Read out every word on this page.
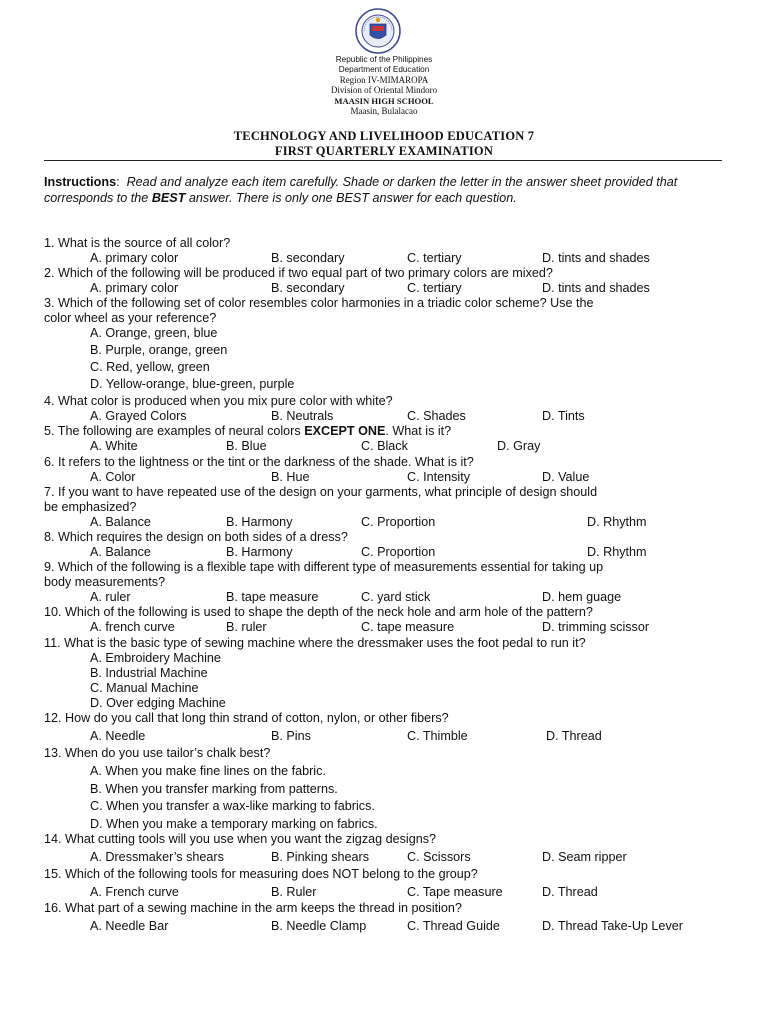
Republic of the Philippines
Department of Education
Region IV-MIMAROPA
Division of Oriental Mindoro
MAASIN HIGH SCHOOL
Maasin, Bulalacao
TECHNOLOGY AND LIVELIHOOD EDUCATION 7
FIRST QUARTERLY EXAMINATION
Instructions:  Read and analyze each item carefully. Shade or darken the letter in the answer sheet provided that corresponds to the BEST answer. There is only one BEST answer for each question.
1. What is the source of all color?
A. primary color	B. secondary	C. tertiary	D. tints and shades
2. Which of the following will be produced if two equal part of two primary colors are mixed?
A. primary color	B. secondary	C. tertiary	D. tints and shades
3. Which of the following set of color resembles color harmonies in a triadic color scheme? Use the
color wheel as your reference?
A. Orange, green, blue
B. Purple, orange, green
C. Red, yellow, green
D. Yellow-orange, blue-green, purple
4. What color is produced when you mix pure color with white?
A. Grayed Colors	B. Neutrals	C. Shades	D. Tints
5. The following are examples of neural colors EXCEPT ONE. What is it?
A. White	B. Blue	C. Black	D. Gray
6. It refers to the lightness or the tint or the darkness of the shade. What is it?
A. Color	B. Hue	C. Intensity	D. Value
7. If you want to have repeated use of the design on your garments, what principle of design should
be emphasized?
A. Balance	B. Harmony	C. Proportion	D. Rhythm
8. Which requires the design on both sides of a dress?
A. Balance	B. Harmony	C. Proportion	D. Rhythm
9. Which of the following is a flexible tape with different type of measurements essential for taking up
body measurements?
A. ruler	B. tape measure	C. yard stick	D. hem guage
10. Which of the following is used to shape the depth of the neck hole and arm hole of the pattern?
A. french curve	B. ruler	C. tape measure	D. trimming scissor
11. What is the basic type of sewing machine where the dressmaker uses the foot pedal to run it?
A. Embroidery Machine
B. Industrial Machine
C. Manual Machine
D. Over edging Machine
12. How do you call that long thin strand of cotton, nylon, or other fibers?
A. Needle	B. Pins	C. Thimble	D. Thread
13. When do you use tailor’s chalk best?
A. When you make fine lines on the fabric.
B. When you transfer marking from patterns.
C. When you transfer a wax-like marking to fabrics.
D. When you make a temporary marking on fabrics.
14. What cutting tools will you use when you want the zigzag designs?
A. Dressmaker’s shears	B. Pinking shears	C. Scissors	D. Seam ripper
15. Which of the following tools for measuring does NOT belong to the group?
A. French curve	B. Ruler	C. Tape measure	D. Thread
16. What part of a sewing machine in the arm keeps the thread in position?
A. Needle Bar	B. Needle Clamp	C. Thread Guide	D. Thread Take-Up Lever
